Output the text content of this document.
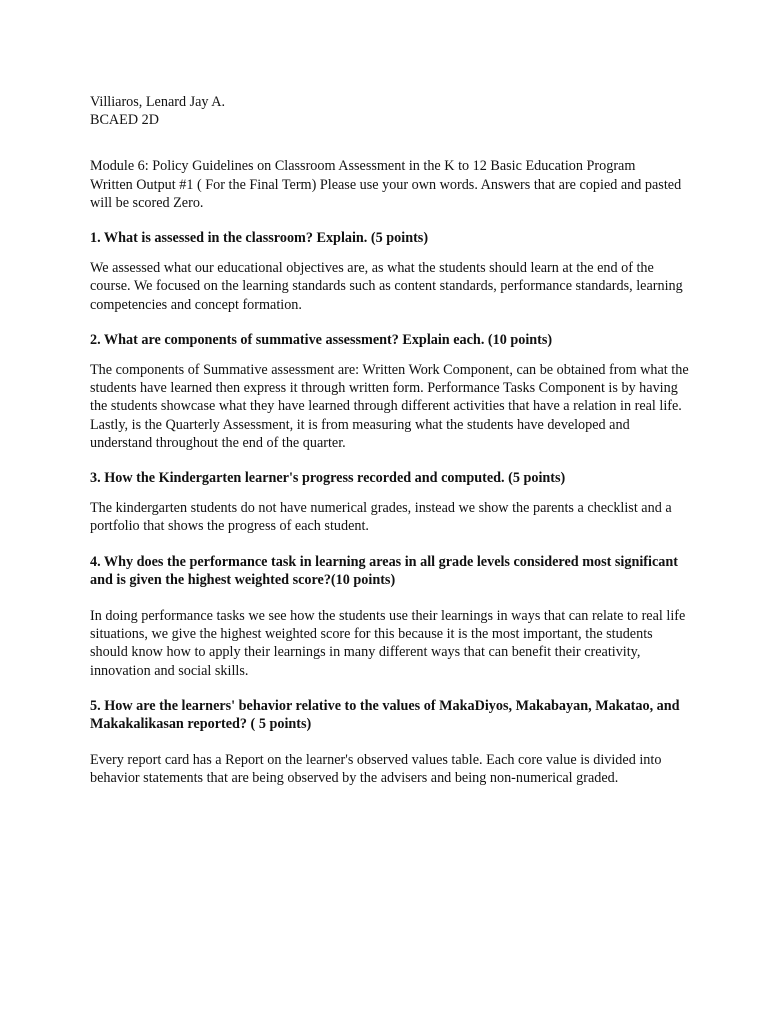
Villiaros, Lenard Jay A.
BCAED 2D
Module 6: Policy Guidelines on Classroom Assessment in the K to 12 Basic Education Program
Written Output #1 ( For the Final Term) Please use your own words. Answers that are copied and pasted will be scored Zero.

1. What is assessed in the classroom? Explain. (5 points)

We assessed what our educational objectives are, as what the students should learn at the end of the course. We focused on the learning standards such as content standards, performance standards, learning competencies and concept formation.

2. What are components of summative assessment? Explain each. (10 points)

The components of Summative assessment are: Written Work Component, can be obtained from what the students have learned then express it through written form. Performance Tasks Component is by having the students showcase what they have learned through different activities that have a relation in real life. Lastly, is the Quarterly Assessment, it is from measuring what the students have developed and understand throughout the end of the quarter.

3. How the Kindergarten learner's progress recorded and computed. (5 points)

The kindergarten students do not have numerical grades, instead we show the parents a checklist and a portfolio that shows the progress of each student.

4. Why does the performance task in learning areas in all grade levels considered most significant and is given the highest weighted score?(10 points)

In doing performance tasks we see how the students use their learnings in ways that can relate to real life situations, we give the highest weighted score for this because it is the most important, the students should know how to apply their learnings in many different ways that can benefit their creativity, innovation and social skills.

5. How are the learners' behavior relative to the values of MakaDiyos, Makabayan, Makatao, and Makakalikasan reported? ( 5 points)

Every report card has a Report on the learner's observed values table. Each core value is divided into behavior statements that are being observed by the advisers and being non-numerical graded.
